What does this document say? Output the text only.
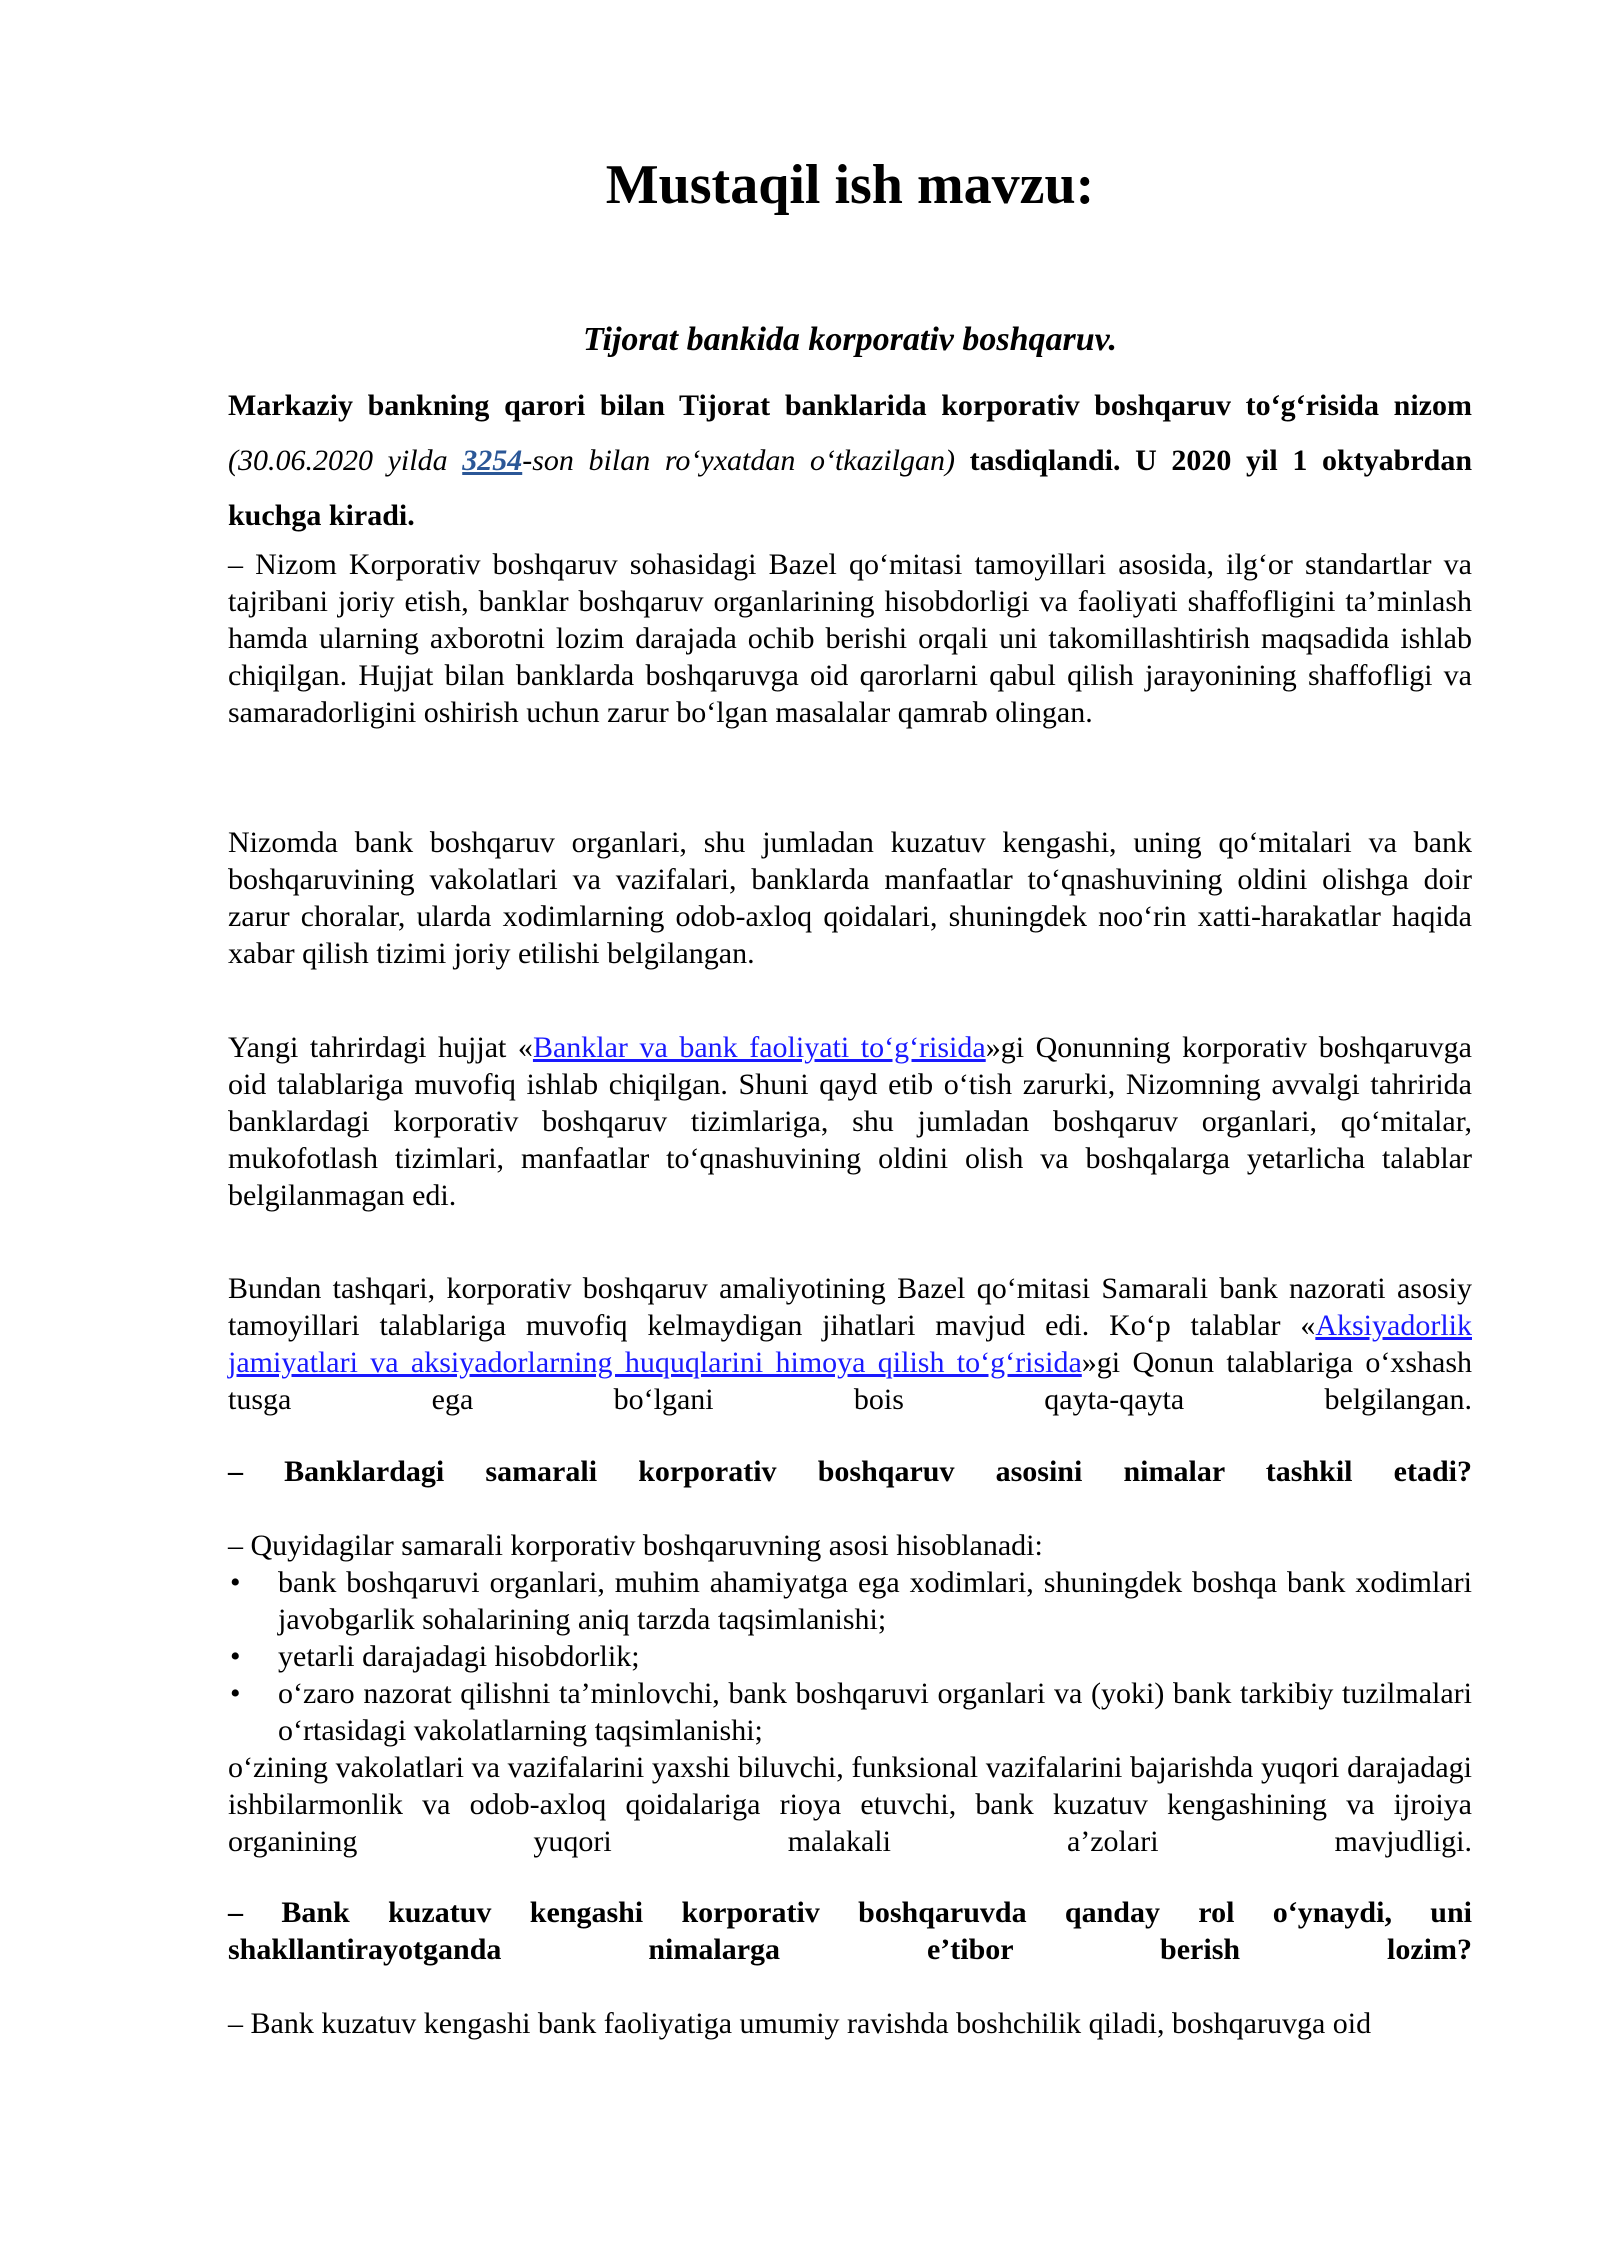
Mustaqil ish mavzu:
Tijorat bankida korporativ boshqaruv.
Markaziy bankning qarori bilan Tijorat banklarida korporativ boshqaruv to‘g‘risida nizom (30.06.2020 yilda 3254-son bilan ro‘yxatdan o‘tkazilgan) tasdiqlandi. U 2020 yil 1 oktyabrdan kuchga kiradi.
– Nizom Korporativ boshqaruv sohasidagi Bazel qo‘mitasi tamoyillari asosida, ilg‘or standartlar va tajribani joriy etish, banklar boshqaruv organlarining hisobdorligi va faoliyati shaffofligini ta’minlash hamda ularning axborotni lozim darajada ochib berishi orqali uni takomillashtirish maqsadida ishlab chiqilgan. Hujjat bilan banklarda boshqaruvga oid qarorlarni qabul qilish jarayonining shaffofligi va samaradorligini oshirish uchun zarur bo‘lgan masalalar qamrab olingan.
Nizomda bank boshqaruv organlari, shu jumladan kuzatuv kengashi, uning qo‘mitalari va bank boshqaruvining vakolatlari va vazifalari, banklarda manfaatlar to‘qnashuvining oldini olishga doir zarur choralar, ularda xodimlarning odob-axloq qoidalari, shuningdek noo‘rin xatti-harakatlar haqida xabar qilish tizimi joriy etilishi belgilangan.
Yangi tahrirdagi hujjat «Banklar va bank faoliyati to‘g‘risida»gi Qonunning korporativ boshqaruvga oid talablariga muvofiq ishlab chiqilgan. Shuni qayd etib o‘tish zarurki, Nizomning avvalgi tahririda banklardagi korporativ boshqaruv tizimlariga, shu jumladan boshqaruv organlari, qo‘mitalar, mukofotlash tizimlari, manfaatlar to‘qnashuvining oldini olish va boshqalarga yetarlicha talablar belgilanmagan edi.
Bundan tashqari, korporativ boshqaruv amaliyotining Bazel qo‘mitasi Samarali bank nazorati asosiy tamoyillari talablariga muvofiq kelmaydigan jihatlari mavjud edi. Ko‘p talablar «Aksiyadorlik jamiyatlari va aksiyadorlarning huquqlarini himoya qilish to‘g‘risida»gi Qonun talablariga o‘xshash tusga ega bo‘lgani bois qayta-qayta belgilangan.
– Banklardagi samarali korporativ boshqaruv asosini nimalar tashkil etadi?
– Quyidagilar samarali korporativ boshqaruvning asosi hisoblanadi:
• bank boshqaruvi organlari, muhim ahamiyatga ega xodimlari, shuningdek boshqa bank xodimlari javobgarlik sohalarining aniq tarzda taqsimlanishi;
• yetarli darajadagi hisobdorlik;
• o‘zaro nazorat qilishni ta’minlovchi, bank boshqaruvi organlari va (yoki) bank tarkibiy tuzilmalari o‘rtasidagi vakolatlarning taqsimlanishi;
o‘zining vakolatlari va vazifalarini yaxshi biluvchi, funksional vazifalarini bajarishda yuqori darajadagi ishbilarmonlik va odob-axloq qoidalariga rioya etuvchi, bank kuzatuv kengashining va ijroiya organining yuqori malakali a’zolari mavjudligi.
– Bank kuzatuv kengashi korporativ boshqaruvda qanday rol o‘ynaydi, uni shakllantirayotganda nimalarga e’tibor berish lozim?
– Bank kuzatuv kengashi bank faoliyatiga umumiy ravishda boshchilik qiladi, boshqaruvga oid
